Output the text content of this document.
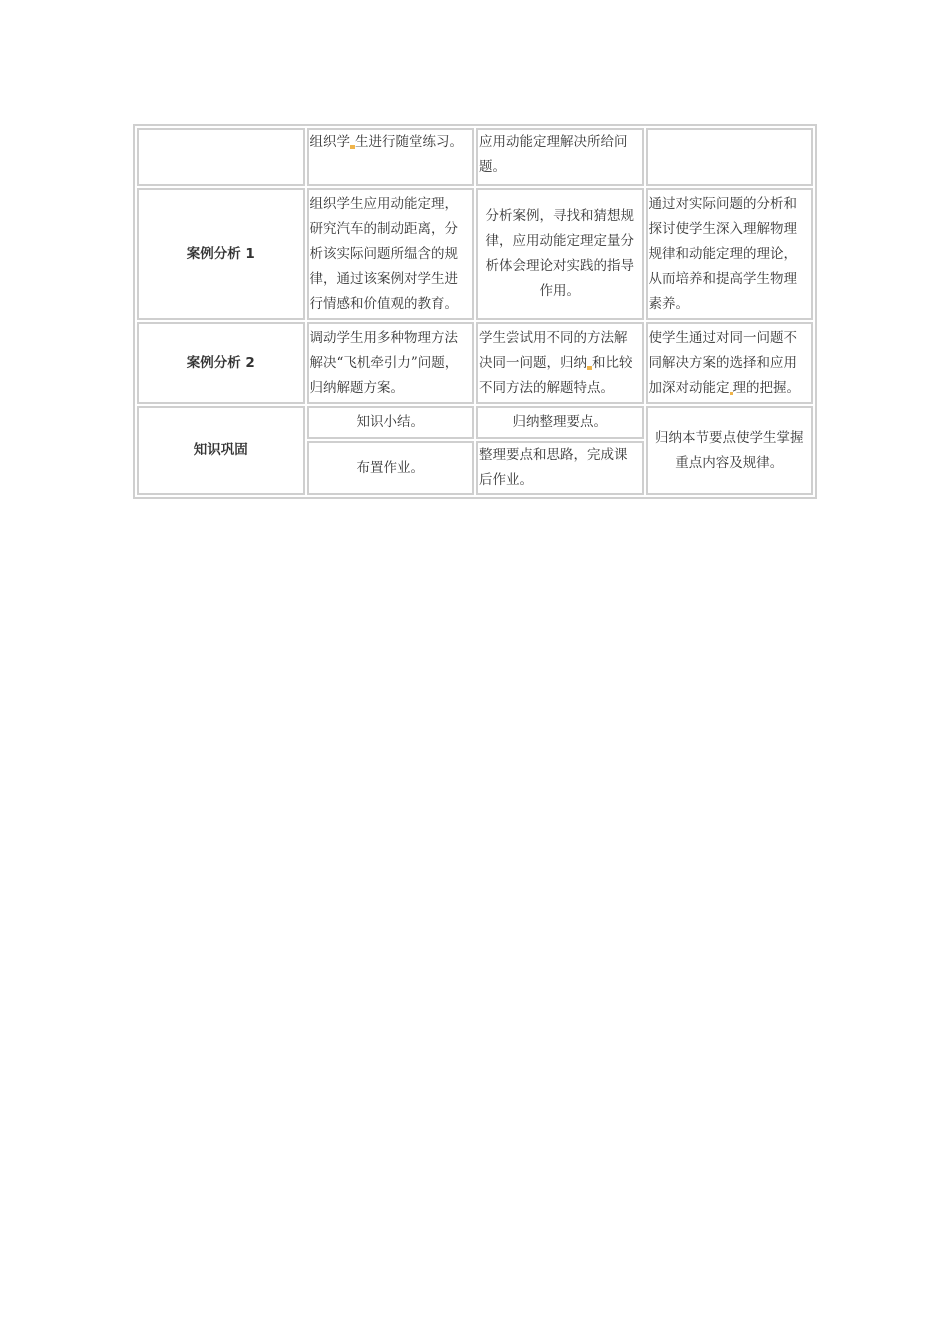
	组织学 生进行随堂练习。	应用动能定理解决所给问题。	
案例分析 1	组织学生应用动能定理，研究汽车的制动距离，分析该实际问题所缊含的规律，通过该案例对学生进行情感和价值观的教育。	分析案例，寻找和猜想规律，应用动能定理定量分析体会理论对实践的指导作用。	通过对实际问题的分析和探讨使学生深入理解物理规律和动能定理的理论，从而培养和提高学生物理素养。
案例分析 2	调动学生用多种物理方法解决“飞机牵引力”问题，归纳解题方案。	学生尝试用不同的方法解决同一问题，归纳 和比较不同方法的解题特点。	使学生通过对同一问题不同解决方案的选择和应用加深对动能定 理的把握。
知识巩固	知识小结。	归纳整理要点。	归纳本节要点使学生掌握重点内容及规律。
	布置作业。	整理要点和思路，完成课后作业。	
